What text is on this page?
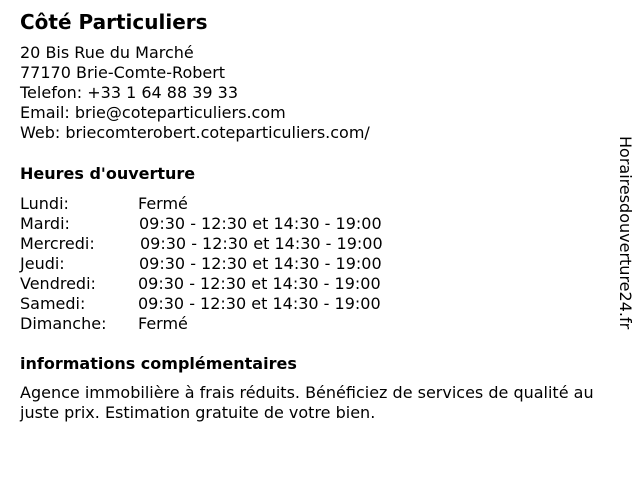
Côté Particuliers
20 Bis Rue du Marché
77170 Brie-Comte-Robert
Telefon: +33 1 64 88 39 33
Email: brie@coteparticuliers.com
Web: briecomterobert.coteparticuliers.com/
Heures d'ouverture
Lundi:	Fermé
Mardi:	09:30 - 12:30 et 14:30 - 19:00
Mercredi:	09:30 - 12:30 et 14:30 - 19:00
Jeudi:	09:30 - 12:30 et 14:30 - 19:00
Vendredi:	09:30 - 12:30 et 14:30 - 19:00
Samedi:	09:30 - 12:30 et 14:30 - 19:00
Dimanche: Fermé
informations complémentaires
Agence immobilière à frais réduits. Bénéficiez de services de qualité au juste prix. Estimation gratuite de votre bien.
Horairesdouverture24.fr
